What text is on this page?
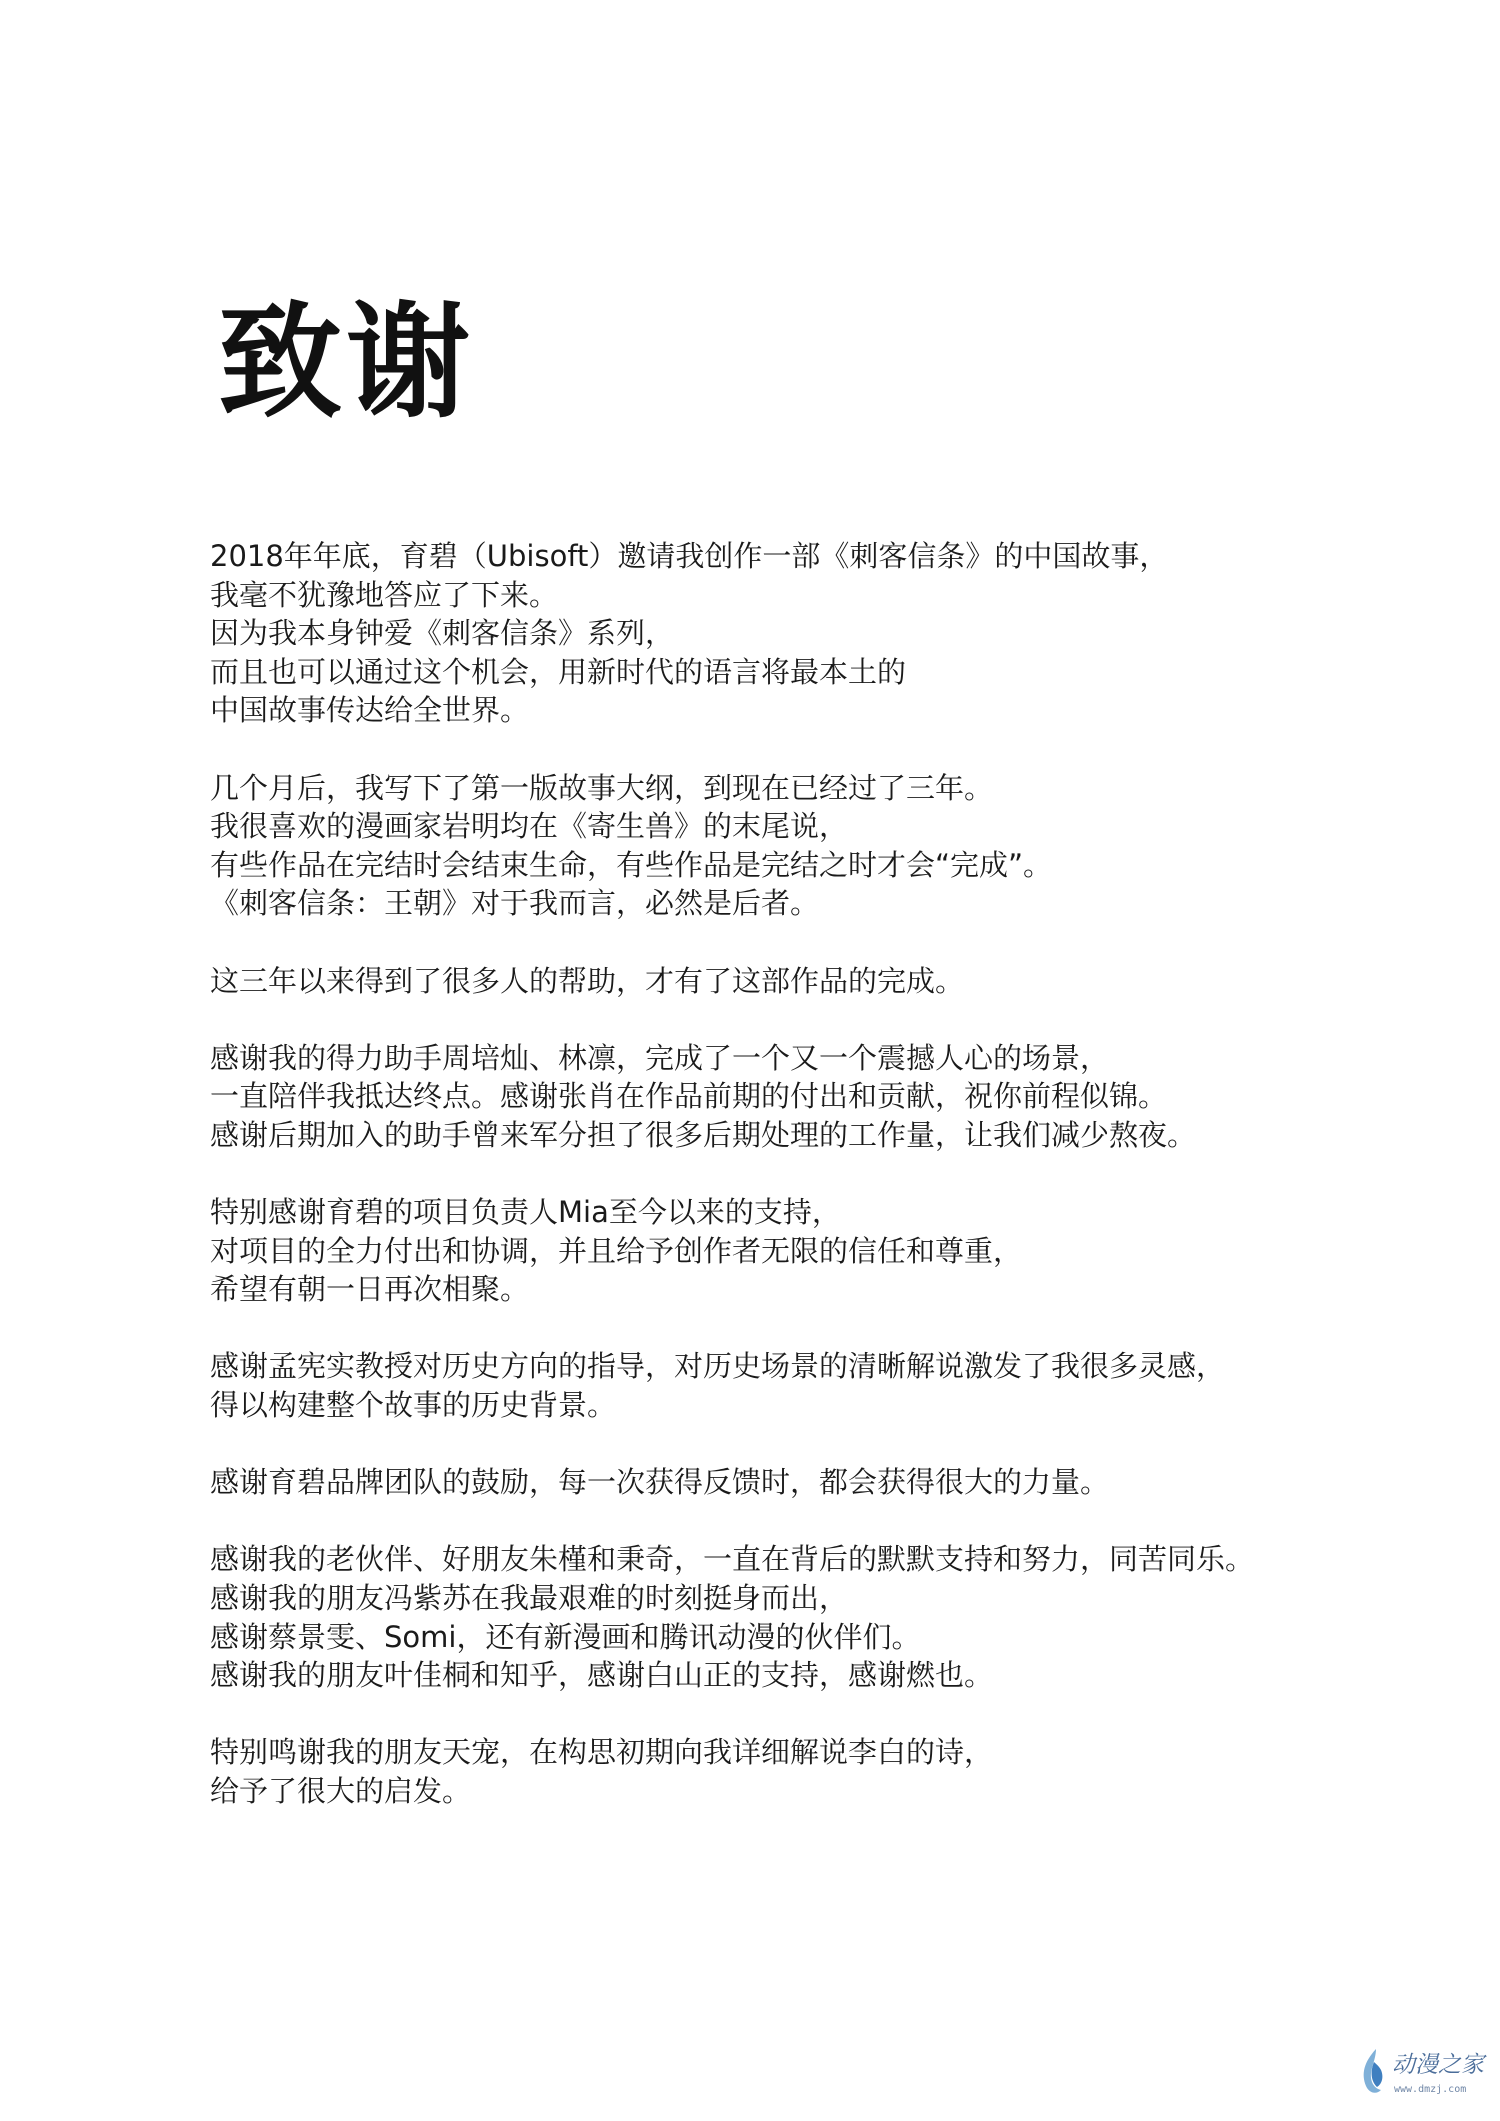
致谢
2018年年底，育碧（Ubisoft）邀请我创作一部《刺客信条》的中国故事，
我毫不犹豫地答应了下来。
因为我本身钟爱《刺客信条》系列，
而且也可以通过这个机会，用新时代的语言将最本土的
中国故事传达给全世界。
几个月后，我写下了第一版故事大纲，到现在已经过了三年。
我很喜欢的漫画家岩明均在《寄生兽》的末尾说，
有些作品在完结时会结束生命，有些作品是完结之时才会“完成”。
《刺客信条：王朝》对于我而言，必然是后者。
这三年以来得到了很多人的帮助，才有了这部作品的完成。
感谢我的得力助手周培灿、林凛，完成了一个又一个震撼人心的场景，
一直陪伴我抵达终点。感谢张肖在作品前期的付出和贡献，祝你前程似锦。
感谢后期加入的助手曾来军分担了很多后期处理的工作量，让我们减少熬夜。
特别感谢育碧的项目负责人Mia至今以来的支持，
对项目的全力付出和协调，并且给予创作者无限的信任和尊重，
希望有朝一日再次相聚。
感谢孟宪实教授对历史方向的指导，对历史场景的清晰解说激发了我很多灵感，
得以构建整个故事的历史背景。
感谢育碧品牌团队的鼓励，每一次获得反馈时，都会获得很大的力量。
感谢我的老伙伴、好朋友朱槿和秉奇，一直在背后的默默支持和努力，同苦同乐。
感谢我的朋友冯紫苏在我最艰难的时刻挺身而出，
感谢蔡景雯、Somi，还有新漫画和腾讯动漫的伙伴们。
感谢我的朋友叶佳桐和知乎，感谢白山正的支持，感谢燃也。
特别鸣谢我的朋友天宠，在构思初期向我详细解说李白的诗，
给予了很大的启发。
动漫之家
www.dmzj.com
